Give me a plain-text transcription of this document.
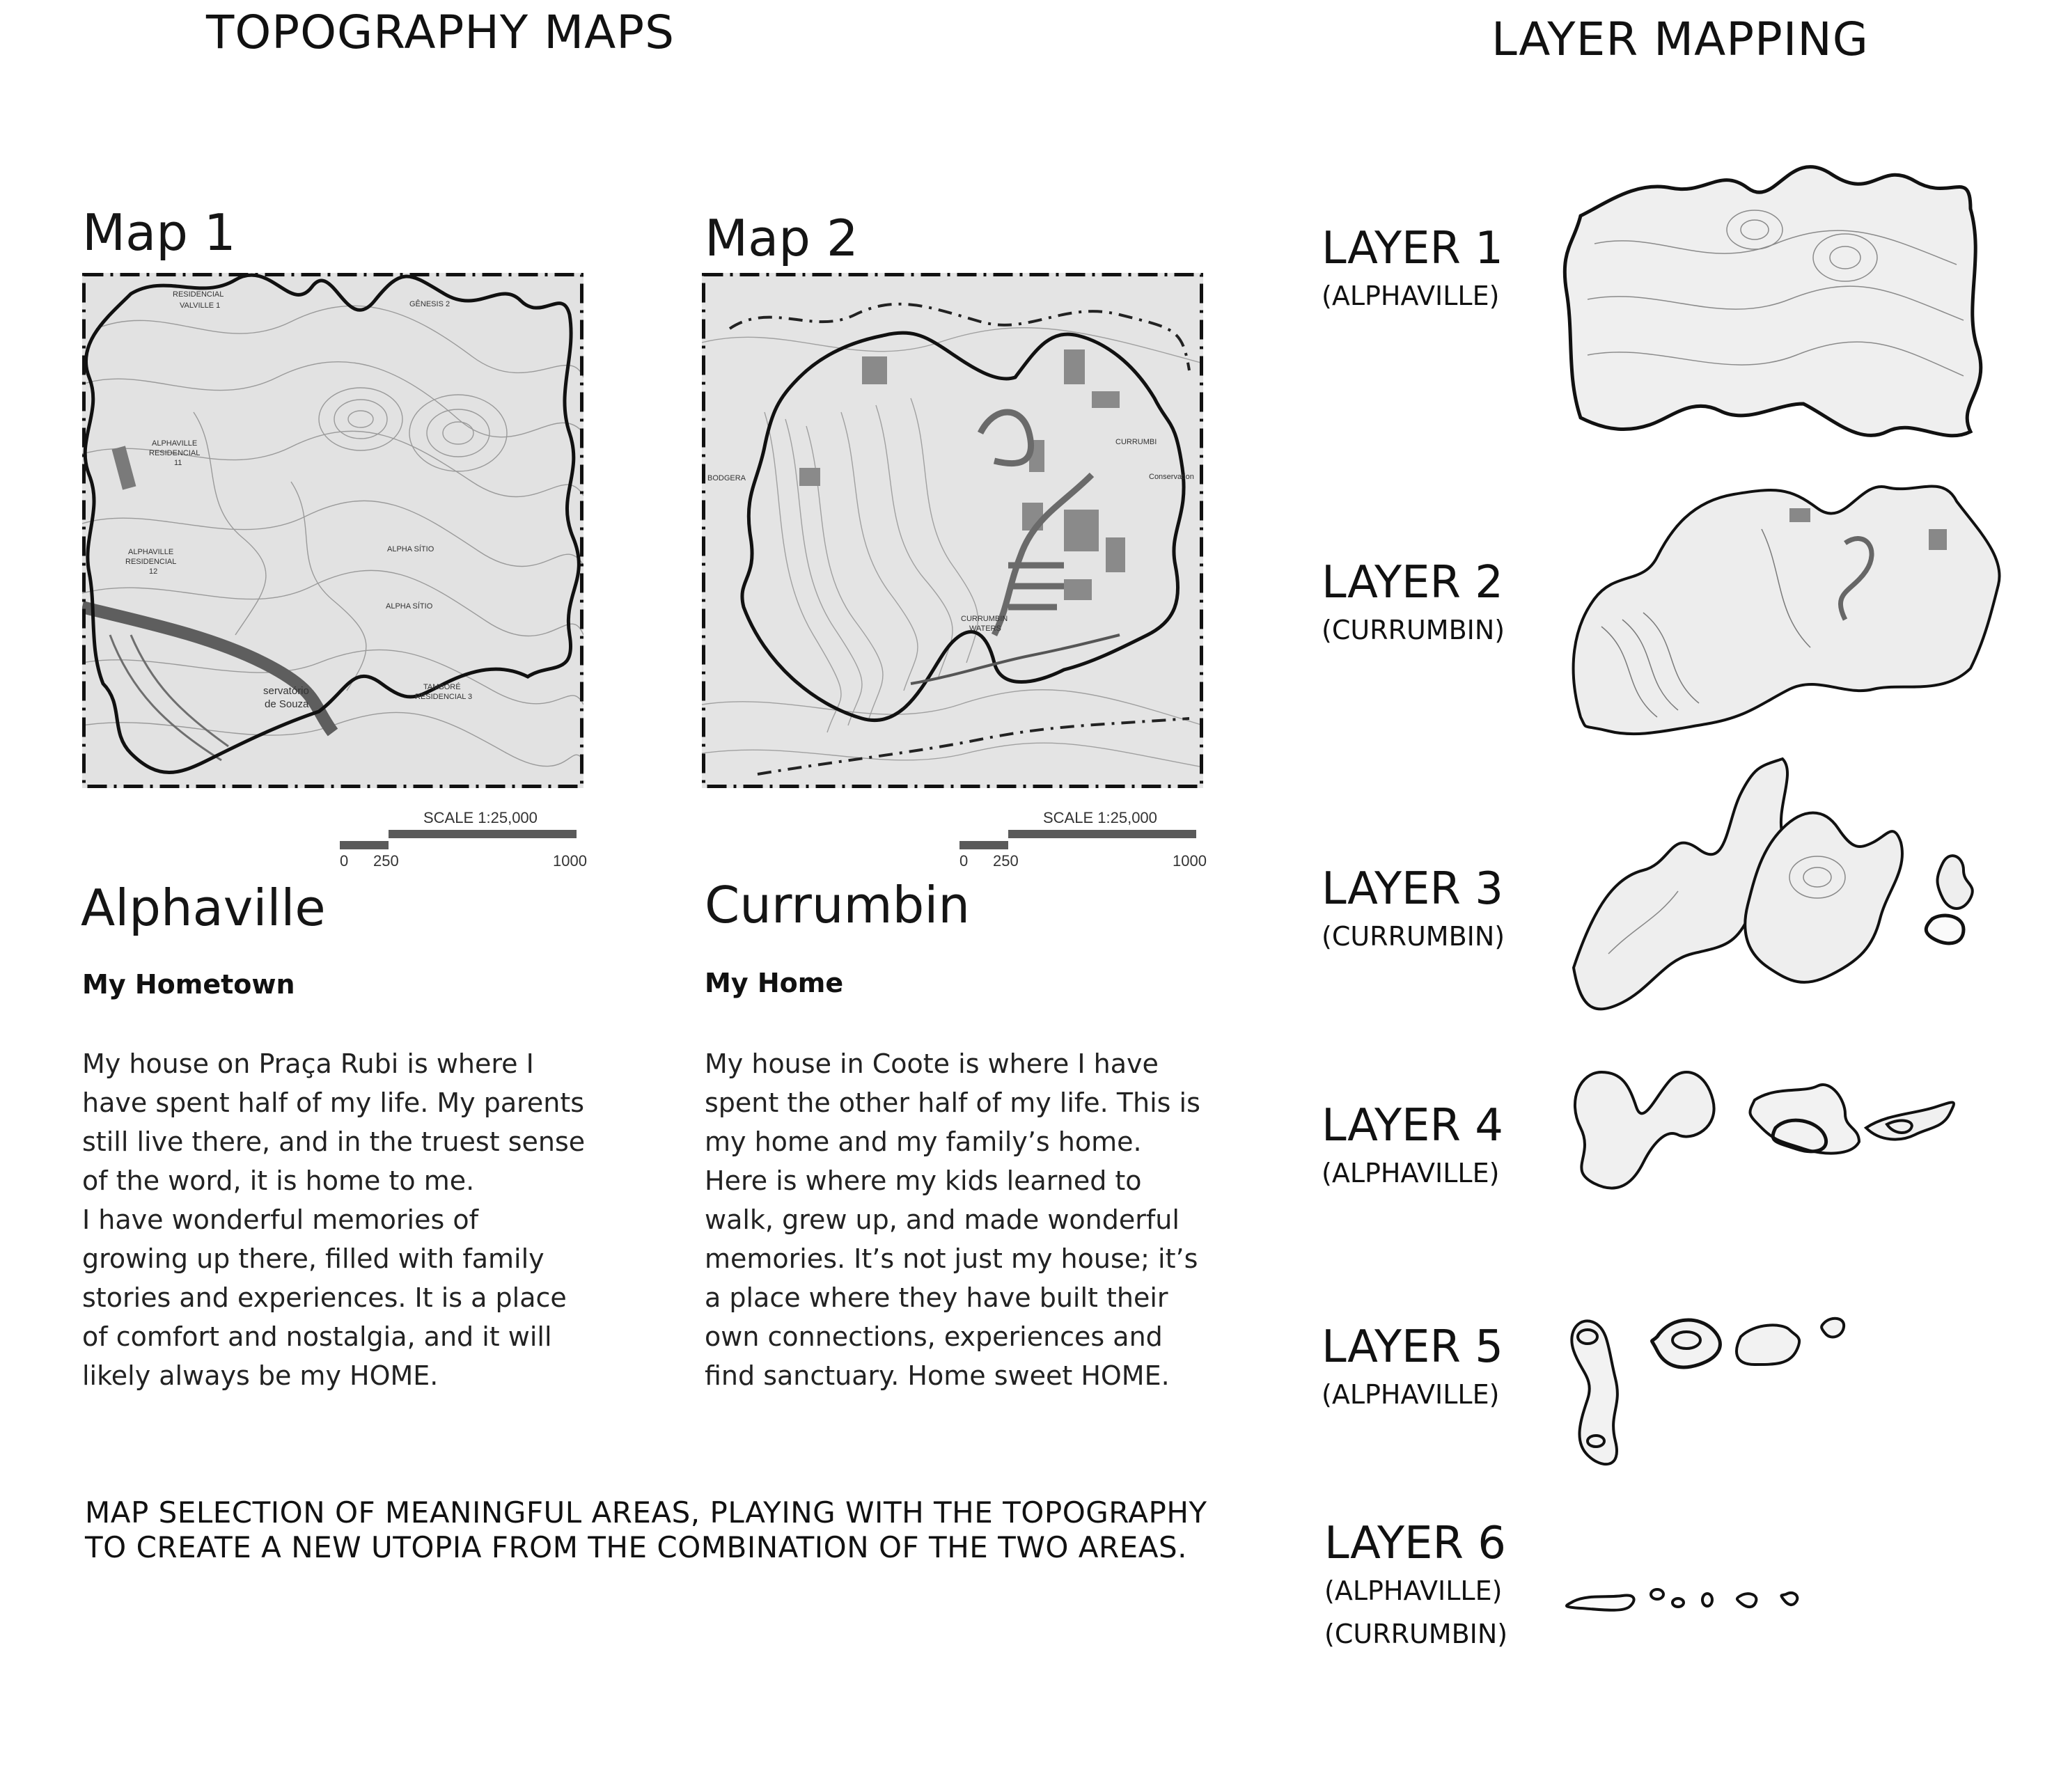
TOPOGRAPHY MAPS	LAYER MAPPING
Map 1
RESIDENCIAL
VALVILLE 1	GÊNESIS 2
ALPHAVILLE
RESIDENCIAL
11
ALPHAVILLE
RESIDENCIAL
12
ALPHA SÍTIO
ALPHA SÍTIO
TAMBORÉ
RESIDENCIAL 3
servatório
de Souza
SCALE 1:25,000
0 250	1000
Alphaville
My Hometown
My house on Praça Rubi is where I
have spent half of my life. My parents
still live there, and in the truest sense
of the word, it is home to me.
I have wonderful memories of
growing up there, filled with family
stories and experiences. It is a place
of comfort and nostalgia, and it will
likely always be my HOME.
Map 2
BODGERA
CURRUMBI
Conservation
CURRUMBIN
WATERS
SCALE 1:25,000
0 250	1000
Currumbin
My Home
My house in Coote is where I have
spent the other half of my life. This is
my home and my family’s home.
Here is where my kids learned to
walk, grew up, and made wonderful
memories. It’s not just my house; it’s
a place where they have built their
own connections, experiences and
find sanctuary. Home sweet HOME.
MAP SELECTION OF MEANINGFUL AREAS, PLAYING WITH THE TOPOGRAPHY
TO CREATE A NEW UTOPIA FROM THE COMBINATION OF THE TWO AREAS.
LAYER 1
(ALPHAVILLE)
LAYER 2
(CURRUMBIN)
LAYER 3
(CURRUMBIN)
LAYER 4
(ALPHAVILLE)
LAYER 5
(ALPHAVILLE)
LAYER 6
(ALPHAVILLE)
(CURRUMBIN)
